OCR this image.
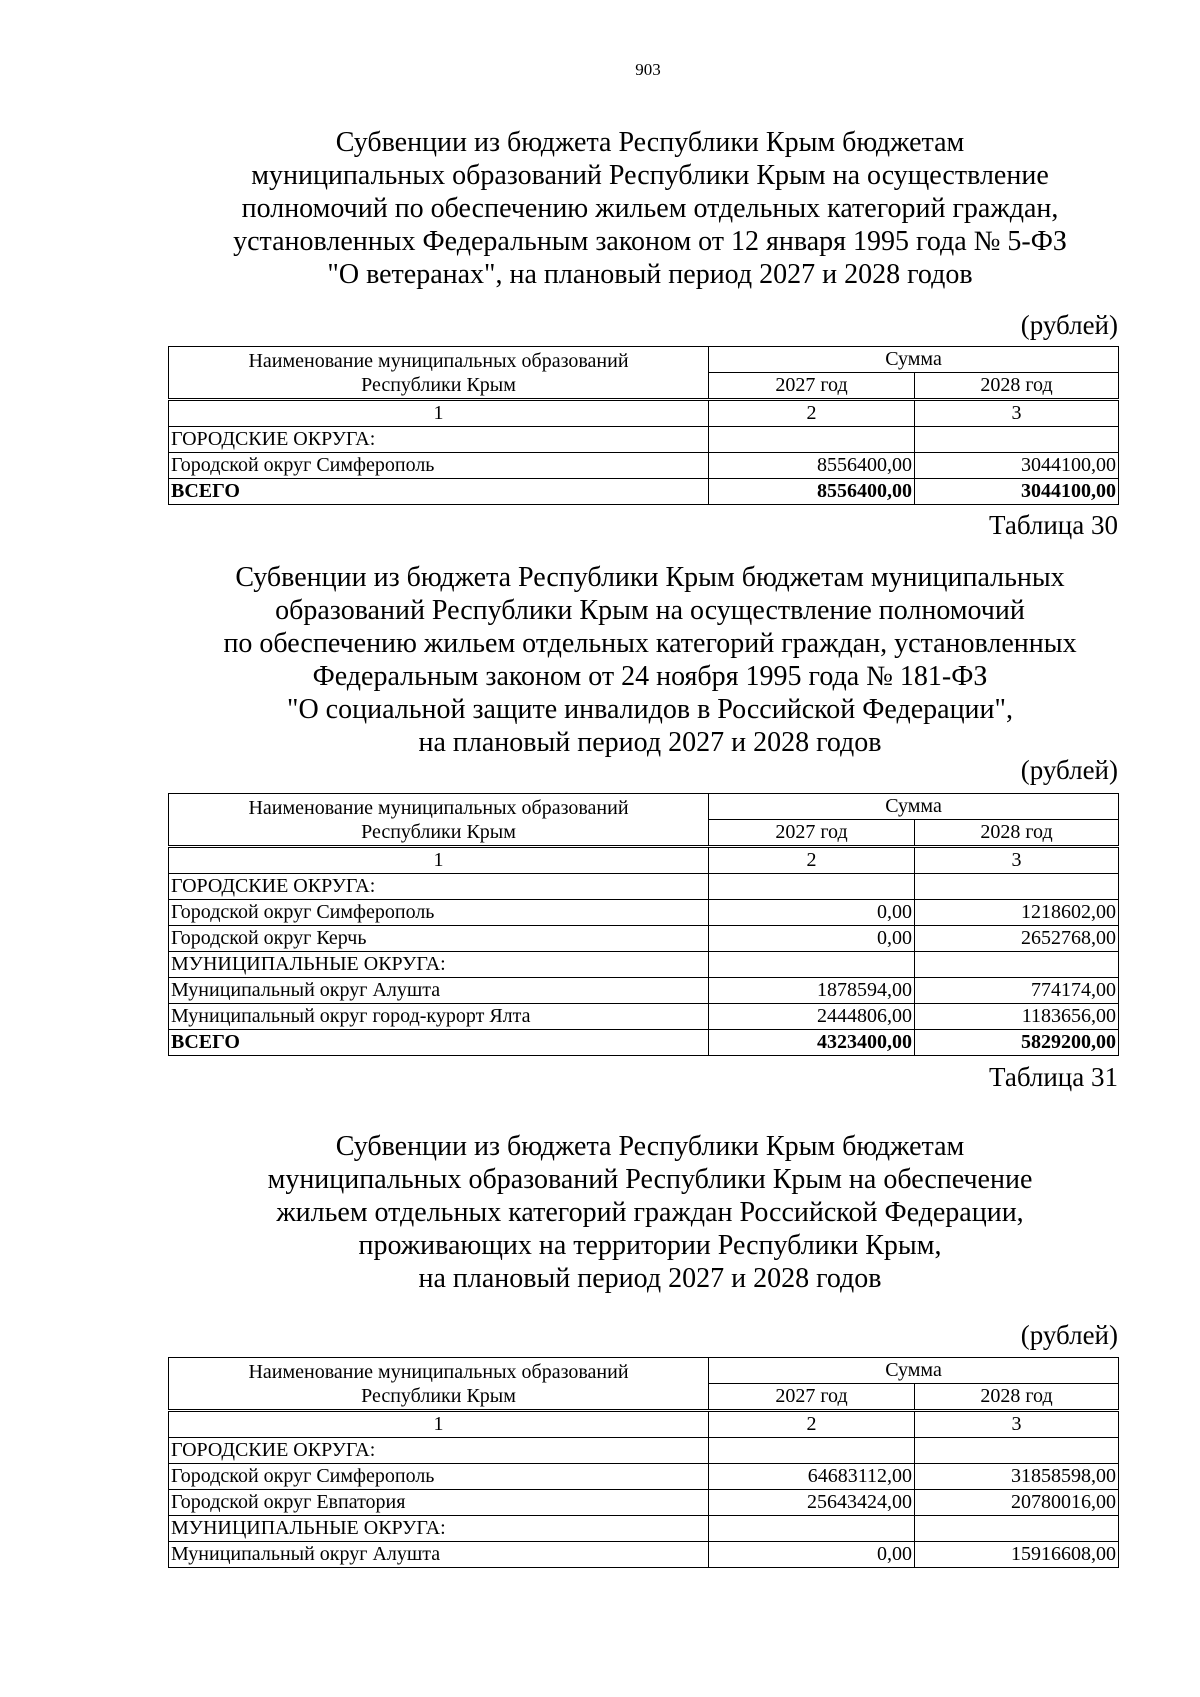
903
Субвенции из бюджета Республики Крым бюджетам
муниципальных образований Республики Крым на осуществление
полномочий по обеспечению жильем отдельных категорий граждан,
установленных Федеральным законом от 12 января 1995 года № 5-ФЗ
"О ветеранах", на плановый период 2027 и 2028 годов
(рублей)
Наименование муниципальных образований
Республики Крым	Сумма	
	2027 год	2028 год
1	2	3
ГОРОДСКИЕ ОКРУГА:		
Городской округ Симферополь	8556400,00	3044100,00
ВСЕГО	8556400,00	3044100,00
Таблица 30
Субвенции из бюджета Республики Крым бюджетам муниципальных
образований Республики Крым на осуществление полномочий
по обеспечению жильем отдельных категорий граждан, установленных
Федеральным законом от 24 ноября 1995 года № 181-ФЗ
"О социальной защите инвалидов в Российской Федерации",
на плановый период 2027 и 2028 годов
(рублей)
Наименование муниципальных образований
Республики Крым	Сумма	
	2027 год	2028 год
1	2	3
ГОРОДСКИЕ ОКРУГА:		
Городской округ Симферополь	0,00	1218602,00
Городской округ Керчь	0,00	2652768,00
МУНИЦИПАЛЬНЫЕ ОКРУГА:		
Муниципальный округ Алушта	1878594,00	774174,00
Муниципальный округ город-курорт Ялта	2444806,00	1183656,00
ВСЕГО	4323400,00	5829200,00
Таблица 31
Субвенции из бюджета Республики Крым бюджетам
муниципальных образований Республики Крым на обеспечение
жильем отдельных категорий граждан Российской Федерации,
проживающих на территории Республики Крым,
на плановый период 2027 и 2028 годов
(рублей)
Наименование муниципальных образований
Республики Крым	Сумма	
	2027 год	2028 год
1	2	3
ГОРОДСКИЕ ОКРУГА:		
Городской округ Симферополь	64683112,00	31858598,00
Городской округ Евпатория	25643424,00	20780016,00
МУНИЦИПАЛЬНЫЕ ОКРУГА:		
Муниципальный округ Алушта	0,00	15916608,00
